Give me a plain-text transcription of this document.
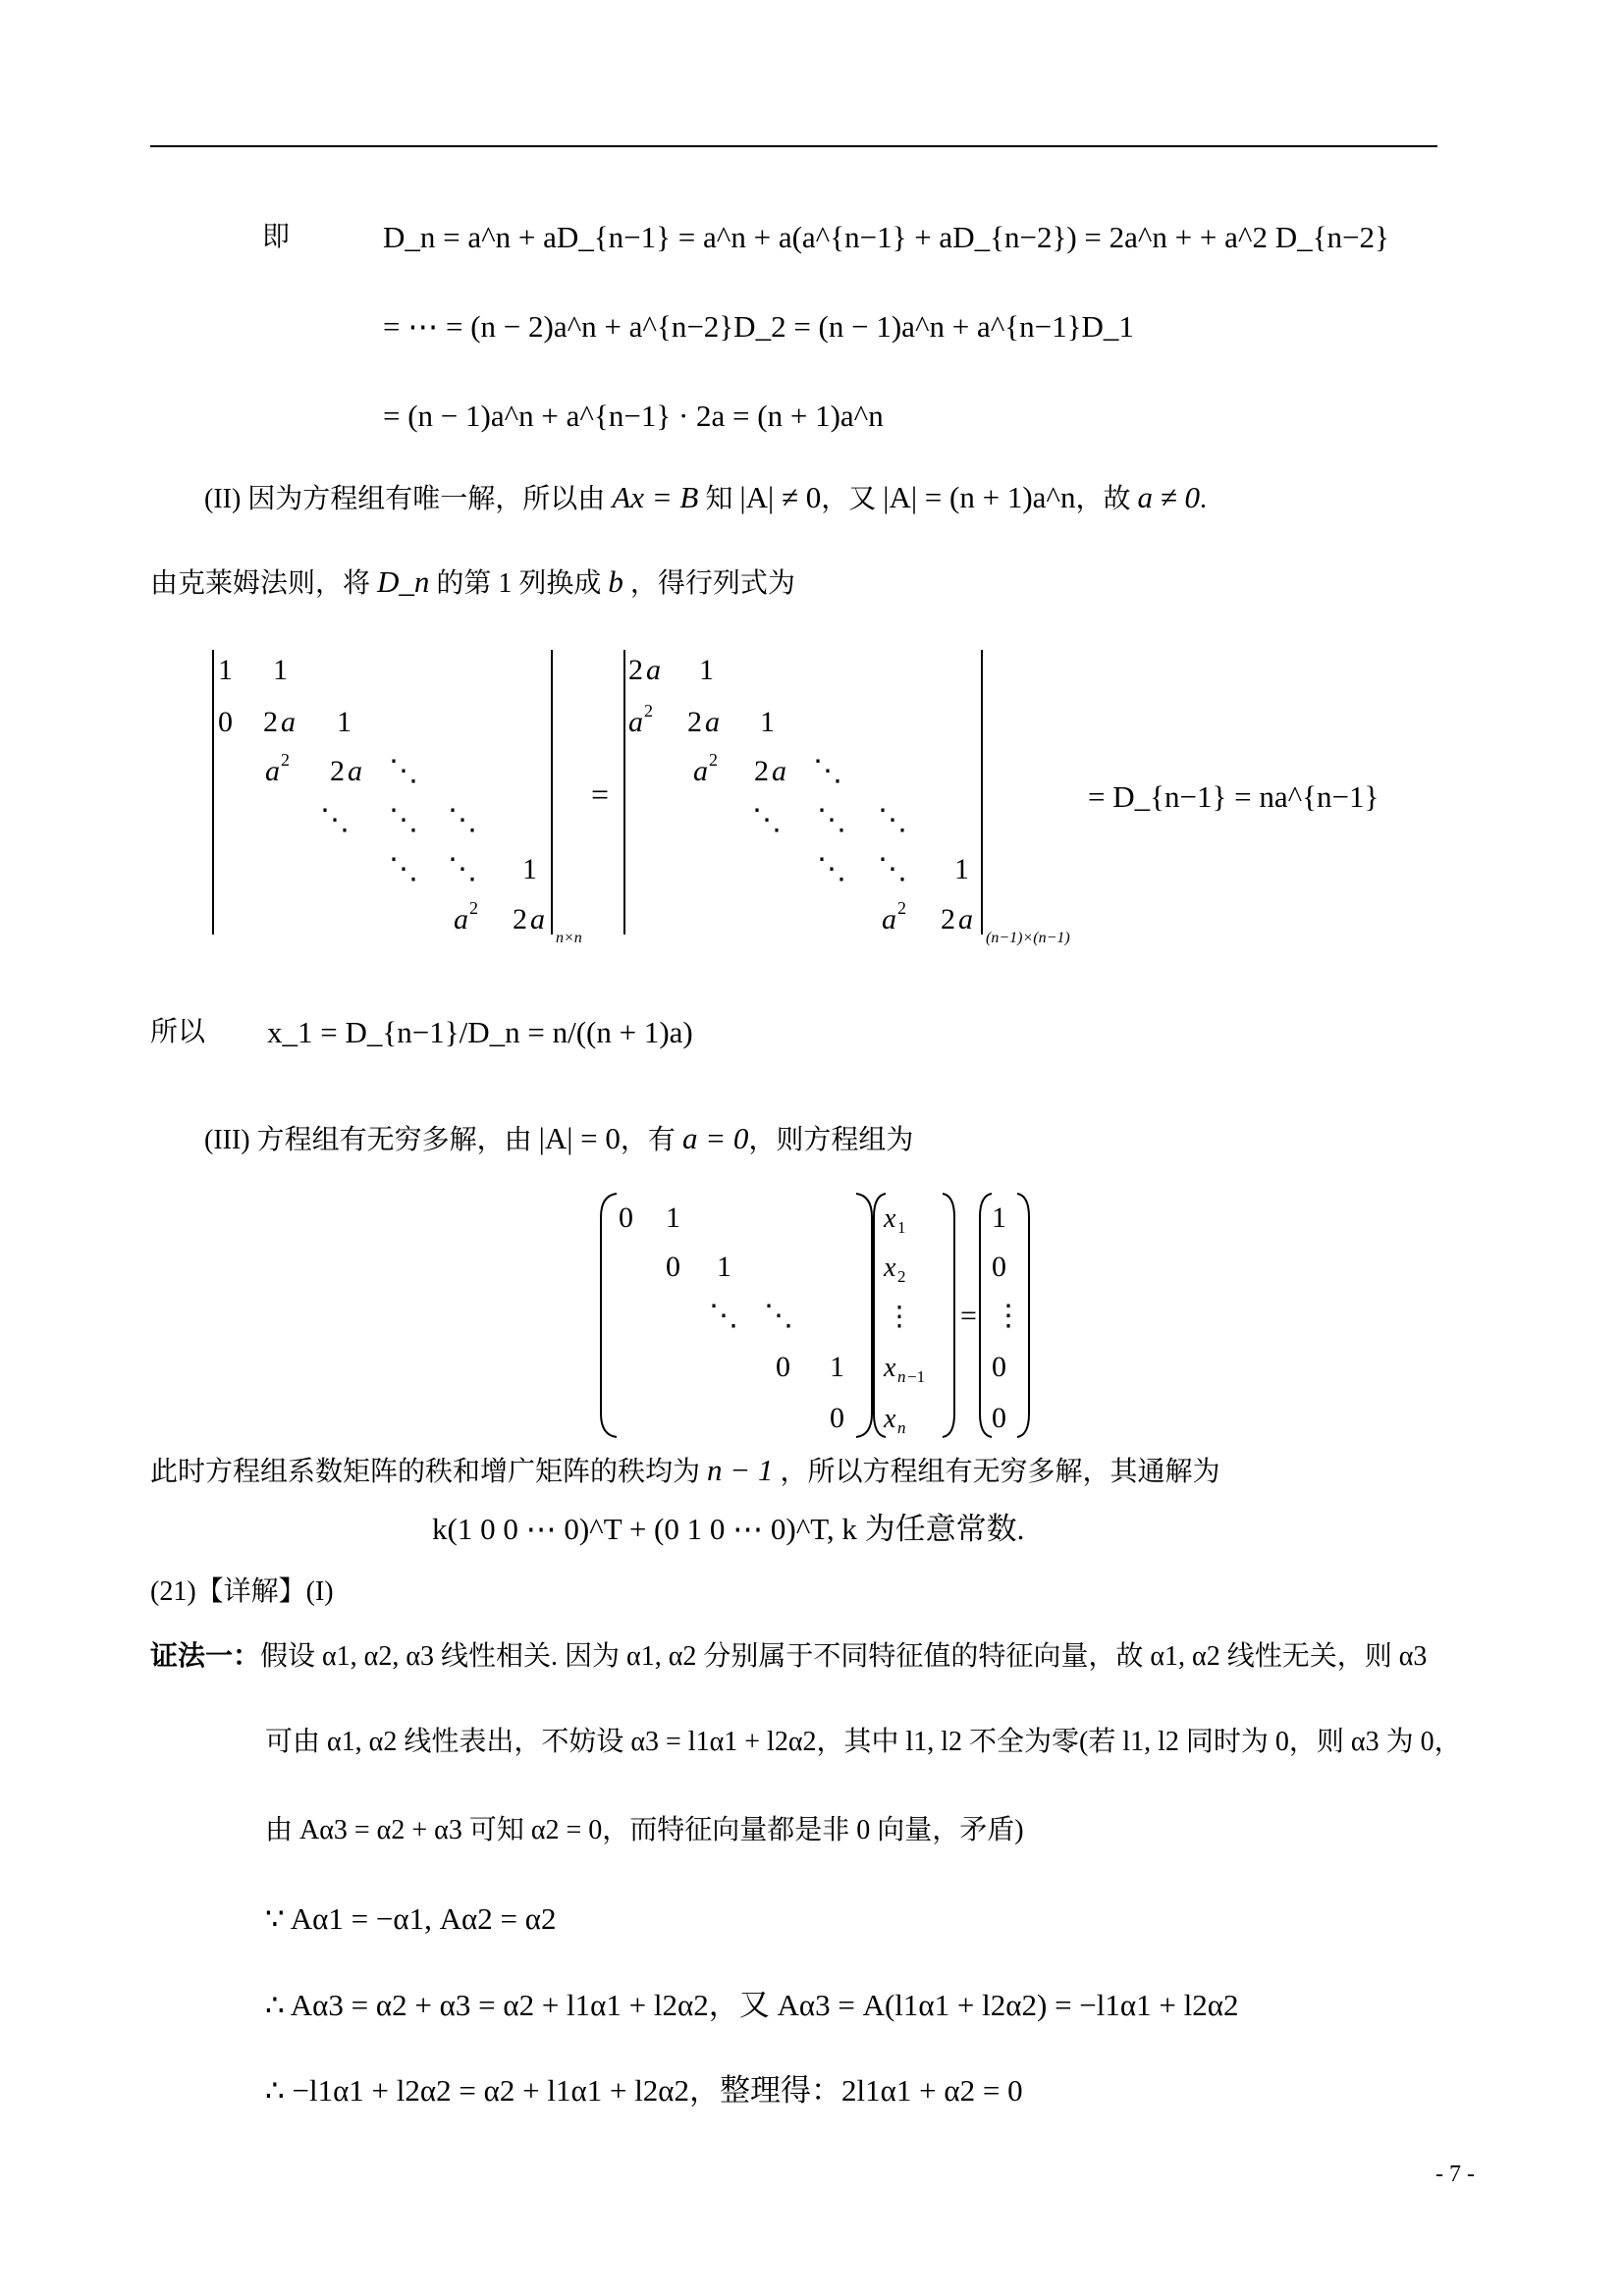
即	D_n = a^n + aD_{n−1} = a^n + a(a^{n−1} + aD_{n−2}) = 2a^n + + a^2 D_{n−2}
= ⋯ = (n − 2)a^n + a^{n−2}D_2 = (n − 1)a^n + a^{n−1}D_1
= (n − 1)a^n + a^{n−1} · 2a = (n + 1)a^n
(II) 因为方程组有唯一解，所以由 Ax = B 知 |A| ≠ 0，又 |A| = (n + 1)a^n，故 a ≠ 0.
由克莱姆法则，将 D_n 的第 1 列换成 b ，得行列式为
1 1
0 2 a 1
a 2 2 a ⋱
⋱ ⋱ ⋱
⋱ ⋱ 1
a 2 2 a
n×n
=
2 a 1
a 2 2 a 1
a 2 2 a ⋱
⋱ ⋱ ⋱
⋱ ⋱ 1
a 2 2 a
(n−1)×(n−1)
= D_{n−1} = na^{n−1}
所以 x_1 = D_{n−1}/D_n = n/((n + 1)a)
(III) 方程组有无穷多解，由 |A| = 0，有 a = 0，则方程组为
0 1
0 1
⋱ ⋱
0 1
0
x 1
x 2
⋮
x n −1
x n
=
1
0
⋮
0
0
此时方程组系数矩阵的秩和增广矩阵的秩均为 n − 1 ，所以方程组有无穷多解，其通解为
k(1 0 0 ⋯ 0)^T + (0 1 0 ⋯ 0)^T, k 为任意常数.
(21)【详解】(I)
证法一：假设 α1, α2, α3 线性相关. 因为 α1, α2 分别属于不同特征值的特征向量，故 α1, α2 线性无关，则 α3
可由 α1, α2 线性表出，不妨设 α3 = l1α1 + l2α2，其中 l1, l2 不全为零(若 l1, l2 同时为 0，则 α3 为 0，
由 Aα3 = α2 + α3 可知 α2 = 0，而特征向量都是非 0 向量，矛盾)
∵ Aα1 = −α1, Aα2 = α2
∴ Aα3 = α2 + α3 = α2 + l1α1 + l2α2，又 Aα3 = A(l1α1 + l2α2) = −l1α1 + l2α2
∴ −l1α1 + l2α2 = α2 + l1α1 + l2α2，整理得：2l1α1 + α2 = 0
- 7 -
